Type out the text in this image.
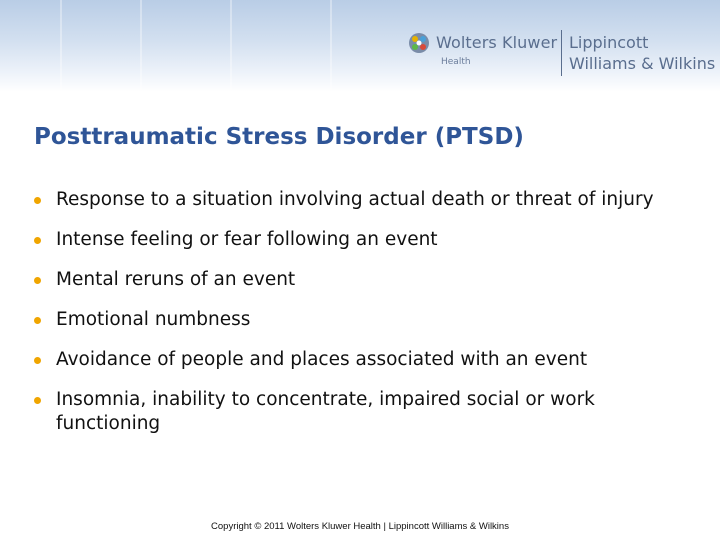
Wolters Kluwer
Health
Lippincott
Williams & Wilkins
Posttraumatic Stress Disorder (PTSD)
Response to a situation involving actual death or threat of injury
Intense feeling or fear following an event
Mental reruns of an event
Emotional numbness
Avoidance of people and places associated with an event
Insomnia, inability to concentrate, impaired social or work functioning
Copyright © 2011 Wolters Kluwer Health | Lippincott Williams & Wilkins
